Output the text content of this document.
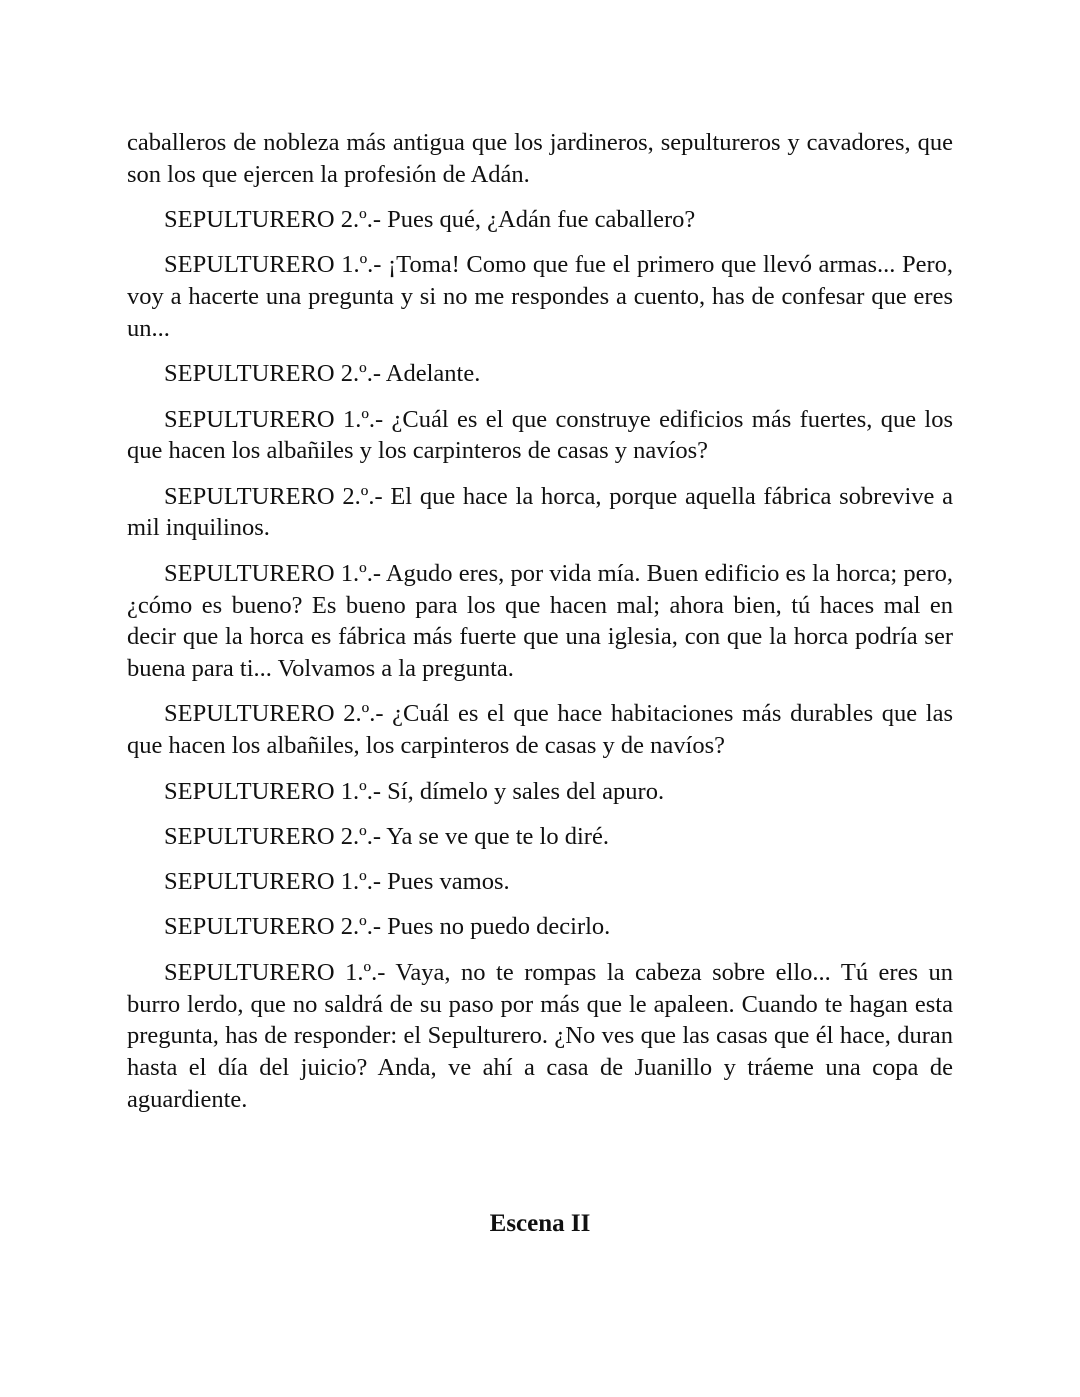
caballeros de nobleza más antigua que los jardineros, sepultureros y cavadores, que son los que ejercen la profesión de Adán.

SEPULTURERO 2.º.- Pues qué, ¿Adán fue caballero?

SEPULTURERO 1.º.- ¡Toma! Como que fue el primero que llevó armas... Pero, voy a hacerte una pregunta y si no me respondes a cuento, has de confesar que eres un...

SEPULTURERO 2.º.- Adelante.

SEPULTURERO 1.º.- ¿Cuál es el que construye edificios más fuertes, que los que hacen los albañiles y los carpinteros de casas y navíos?

SEPULTURERO 2.º.- El que hace la horca, porque aquella fábrica sobrevive a mil inquilinos.

SEPULTURERO 1.º.- Agudo eres, por vida mía. Buen edificio es la horca; pero, ¿cómo es bueno? Es bueno para los que hacen mal; ahora bien, tú haces mal en decir que la horca es fábrica más fuerte que una iglesia, con que la horca podría ser buena para ti... Volvamos a la pregunta.

SEPULTURERO 2.º.- ¿Cuál es el que hace habitaciones más durables que las que hacen los albañiles, los carpinteros de casas y de navíos?

SEPULTURERO 1.º.- Sí, dímelo y sales del apuro.

SEPULTURERO 2.º.- Ya se ve que te lo diré.

SEPULTURERO 1.º.- Pues vamos.

SEPULTURERO 2.º.- Pues no puedo decirlo.

SEPULTURERO 1.º.- Vaya, no te rompas la cabeza sobre ello... Tú eres un burro lerdo, que no saldrá de su paso por más que le apaleen. Cuando te hagan esta pregunta, has de responder: el Sepulturero. ¿No ves que las casas que él hace, duran hasta el día del juicio? Anda, ve ahí a casa de Juanillo y tráeme una copa de aguardiente.

Escena II
